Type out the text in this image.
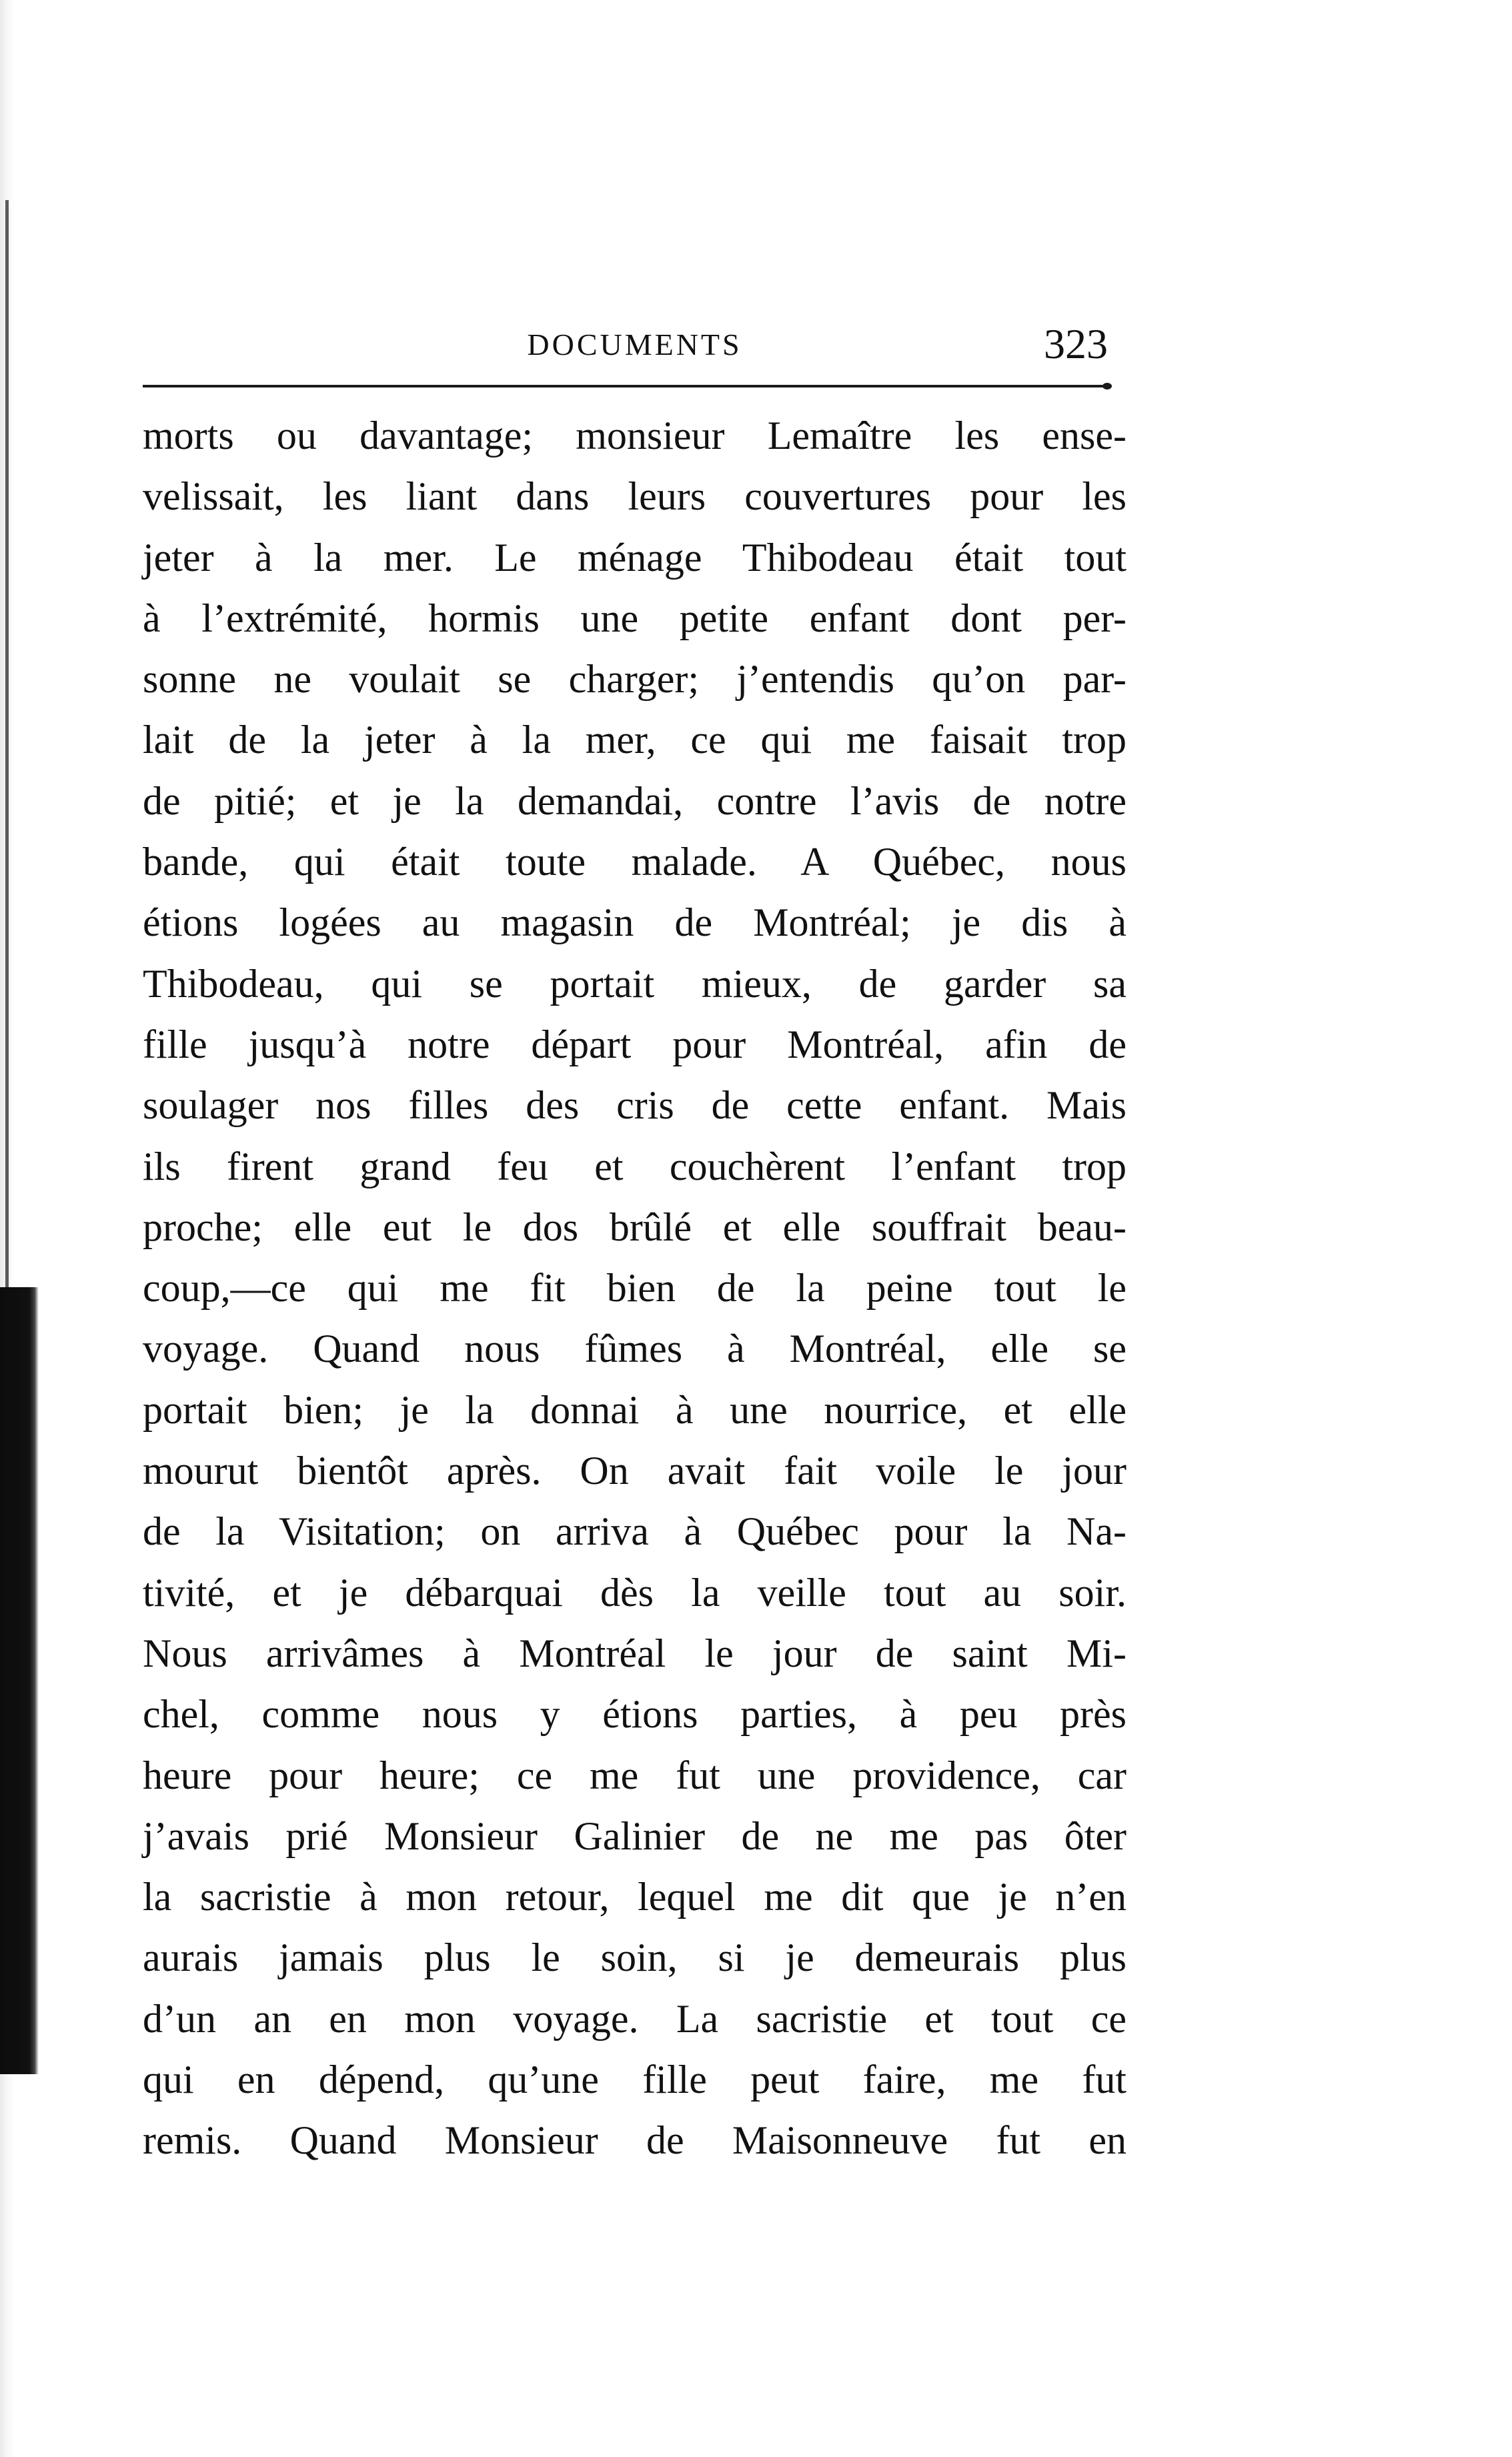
DOCUMENTS	323
morts ou davantage; monsieur Lemaître les ense-
velissait, les liant dans leurs couvertures pour les
jeter à la mer. Le ménage Thibodeau était tout
à l’extrémité, hormis une petite enfant dont per-
sonne ne voulait se charger; j’entendis qu’on par-
lait de la jeter à la mer, ce qui me faisait trop
de pitié; et je la demandai, contre l’avis de notre
bande, qui était toute malade. A Québec, nous
étions logées au magasin de Montréal; je dis à
Thibodeau, qui se portait mieux, de garder sa
fille jusqu’à notre départ pour Montréal, afin de
soulager nos filles des cris de cette enfant. Mais
ils firent grand feu et couchèrent l’enfant trop
proche; elle eut le dos brûlé et elle souffrait beau-
coup,—ce qui me fit bien de la peine tout le
voyage. Quand nous fûmes à Montréal, elle se
portait bien; je la donnai à une nourrice, et elle
mourut bientôt après. On avait fait voile le jour
de la Visitation; on arriva à Québec pour la Na-
tivité, et je débarquai dès la veille tout au soir.
Nous arrivâmes à Montréal le jour de saint Mi-
chel, comme nous y étions parties, à peu près
heure pour heure; ce me fut une providence, car
j’avais prié Monsieur Galinier de ne me pas ôter
la sacristie à mon retour, lequel me dit que je n’en
aurais jamais plus le soin, si je demeurais plus
d’un an en mon voyage. La sacristie et tout ce
qui en dépend, qu’une fille peut faire, me fut
remis. Quand Monsieur de Maisonneuve fut en
